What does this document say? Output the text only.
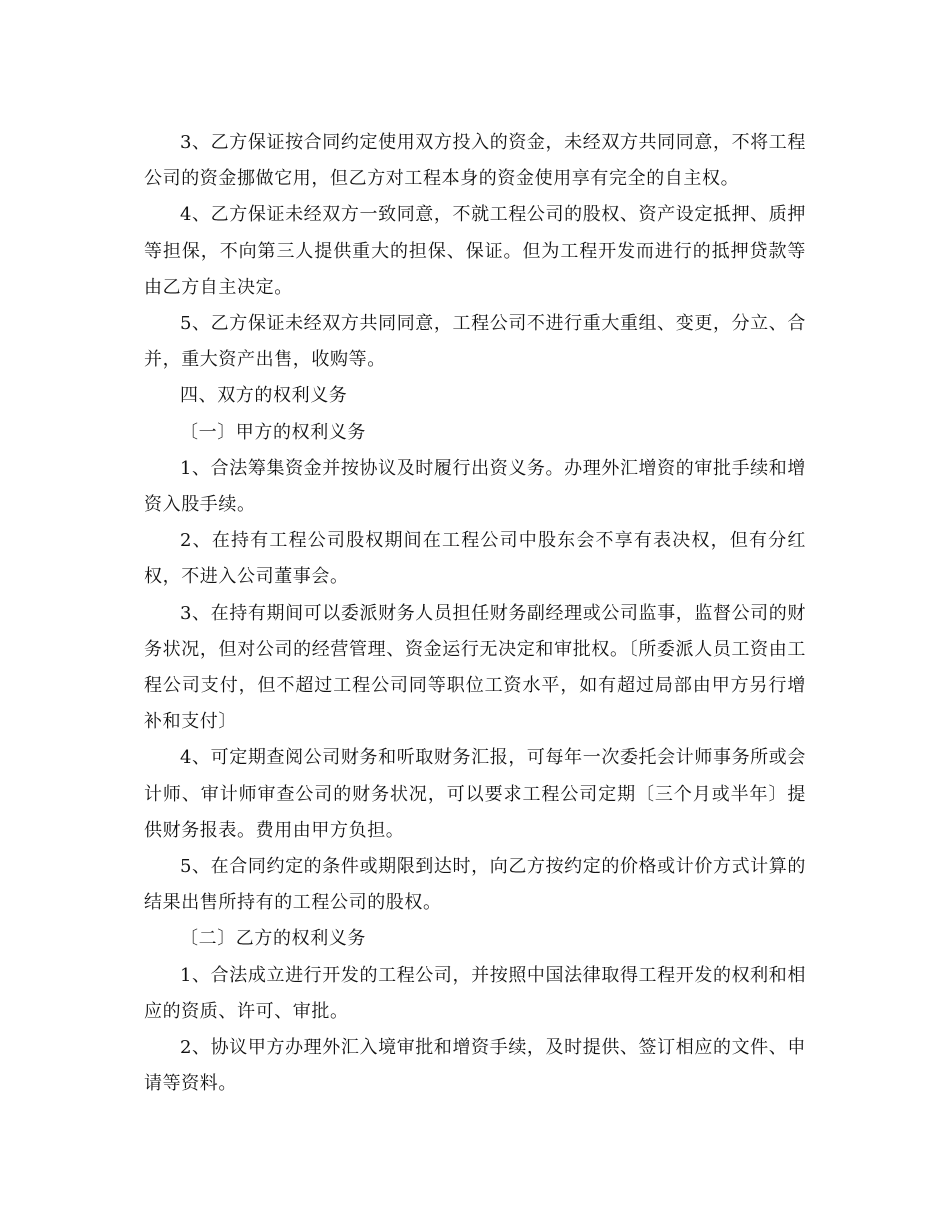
3、乙方保证按合同约定使用双方投入的资金，未经双方共同同意，不将工程公司的资金挪做它用，但乙方对工程本身的资金使用享有完全的自主权。

4、乙方保证未经双方一致同意，不就工程公司的股权、资产设定抵押、质押等担保，不向第三人提供重大的担保、保证。但为工程开发而进行的抵押贷款等由乙方自主决定。

5、乙方保证未经双方共同同意，工程公司不进行重大重组、变更，分立、合并，重大资产出售，收购等。

四、双方的权利义务

〔一〕甲方的权利义务

1、合法筹集资金并按协议及时履行出资义务。办理外汇增资的审批手续和增资入股手续。

2、在持有工程公司股权期间在工程公司中股东会不享有表决权，但有分红权，不进入公司董事会。

3、在持有期间可以委派财务人员担任财务副经理或公司监事，监督公司的财务状况，但对公司的经营管理、资金运行无决定和审批权。〔所委派人员工资由工程公司支付，但不超过工程公司同等职位工资水平，如有超过局部由甲方另行增补和支付〕

4、可定期查阅公司财务和听取财务汇报，可每年一次委托会计师事务所或会计师、审计师审查公司的财务状况，可以要求工程公司定期〔三个月或半年〕提供财务报表。费用由甲方负担。

5、在合同约定的条件或期限到达时，向乙方按约定的价格或计价方式计算的结果出售所持有的工程公司的股权。

〔二〕乙方的权利义务

1、合法成立进行开发的工程公司，并按照中国法律取得工程开发的权利和相应的资质、许可、审批。

2、协议甲方办理外汇入境审批和增资手续，及时提供、签订相应的文件、申请等资料。
